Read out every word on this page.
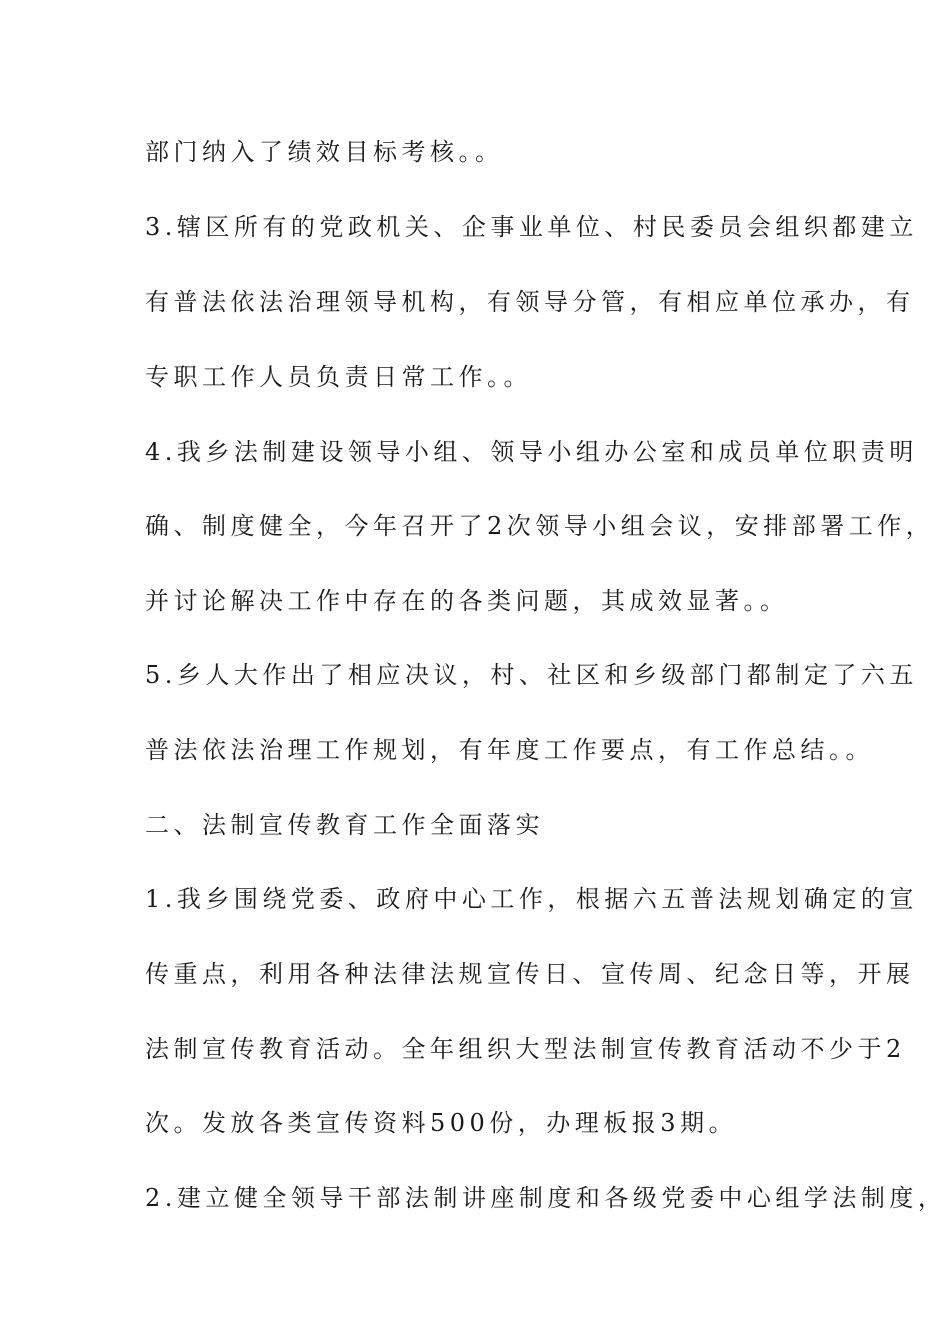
部门纳入了绩效目标考核。。
3.辖区所有的党政机关、企事业单位、村民委员会组织都建立
有普法依法治理领导机构，有领导分管，有相应单位承办，有
专职工作人员负责日常工作。。
4.我乡法制建设领导小组、领导小组办公室和成员单位职责明
确、制度健全，今年召开了2次领导小组会议，安排部署工作，
并讨论解决工作中存在的各类问题，其成效显著。。
5.乡人大作出了相应决议，村、社区和乡级部门都制定了六五
普法依法治理工作规划，有年度工作要点，有工作总结。。
二、法制宣传教育工作全面落实
1.我乡围绕党委、政府中心工作，根据六五普法规划确定的宣
传重点，利用各种法律法规宣传日、宣传周、纪念日等，开展
法制宣传教育活动。全年组织大型法制宣传教育活动不少于2
次。发放各类宣传资料500份，办理板报3期。
2.建立健全领导干部法制讲座制度和各级党委中心组学法制度，
